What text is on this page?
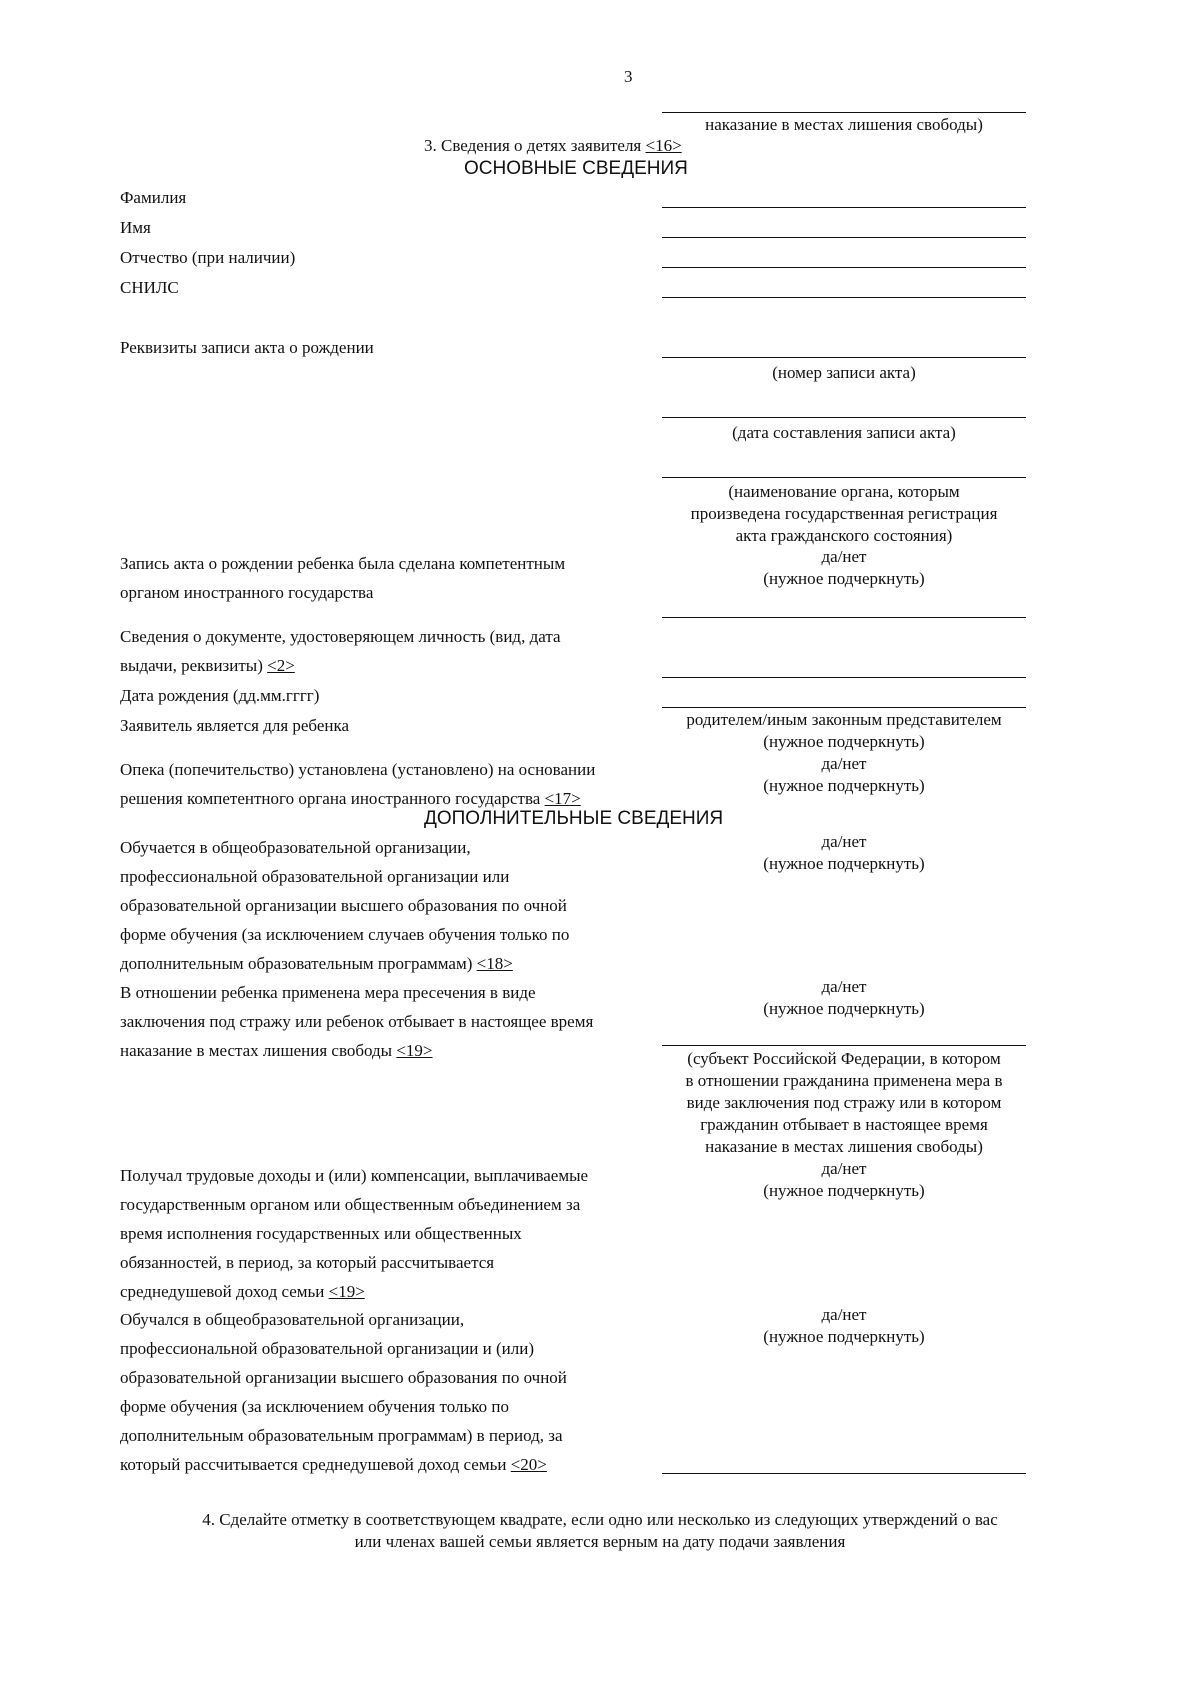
3
наказание в местах лишения свободы)
3. Сведения о детях заявителя <16>
ОСНОВНЫЕ СВЕДЕНИЯ
Фамилия
Имя
Отчество (при наличии)
СНИЛС
Реквизиты записи акта о рождении
(номер записи акта)
(дата составления записи акта)
(наименование органа, которым
произведена государственная регистрация
акта гражданского состояния)
Запись акта о рождении ребенка была сделана компетентным
органом иностранного государства
да/нет
(нужное подчеркнуть)
Сведения о документе, удостоверяющем личность (вид, дата
выдачи, реквизиты) <2>
Дата рождения (дд.мм.гггг)
Заявитель является для ребенка	родителем/иным законным представителем
(нужное подчеркнуть)
Опека (попечительство) установлена (установлено) на основании
решения компетентного органа иностранного государства <17>
да/нет
(нужное подчеркнуть)
ДОПОЛНИТЕЛЬНЫЕ СВЕДЕНИЯ
Обучается в общеобразовательной организации,
профессиональной образовательной организации или
образовательной организации высшего образования по очной
форме обучения (за исключением случаев обучения только по
дополнительным образовательным программам) <18>
да/нет
(нужное подчеркнуть)
В отношении ребенка применена мера пресечения в виде
заключения под стражу или ребенок отбывает в настоящее время
наказание в местах лишения свободы <19>
да/нет
(нужное подчеркнуть)
(субъект Российской Федерации, в котором
в отношении гражданина применена мера в
виде заключения под стражу или в котором
гражданин отбывает в настоящее время
наказание в местах лишения свободы)
Получал трудовые доходы и (или) компенсации, выплачиваемые
государственным органом или общественным объединением за
время исполнения государственных или общественных
обязанностей, в период, за который рассчитывается
среднедушевой доход семьи <19>
да/нет
(нужное подчеркнуть)
Обучался в общеобразовательной организации,
профессиональной образовательной организации и (или)
образовательной организации высшего образования по очной
форме обучения (за исключением обучения только по
дополнительным образовательным программам) в период, за
который рассчитывается среднедушевой доход семьи <20>
да/нет
(нужное подчеркнуть)
4. Сделайте отметку в соответствующем квадрате, если одно или несколько из следующих утверждений о вас
или членах вашей семьи является верным на дату подачи заявления
